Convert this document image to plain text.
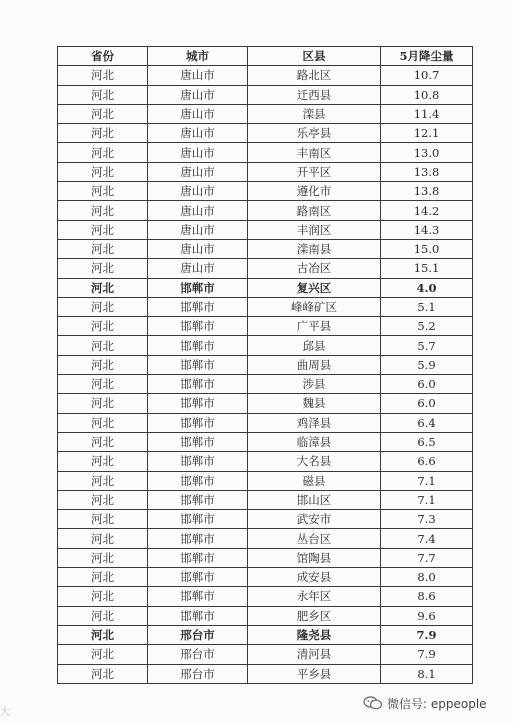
省份	城市	区县	5月降尘量
河北	唐山市	路北区	10.7
河北	唐山市	迁西县	10.8
河北	唐山市	滦县	11.4
河北	唐山市	乐亭县	12.1
河北	唐山市	丰南区	13.0
河北	唐山市	开平区	13.8
河北	唐山市	遵化市	13.8
河北	唐山市	路南区	14.2
河北	唐山市	丰润区	14.3
河北	唐山市	滦南县	15.0
河北	唐山市	古冶区	15.1
河北	邯郸市	复兴区	4.0
河北	邯郸市	峰峰矿区	5.1
河北	邯郸市	广平县	5.2
河北	邯郸市	邱县	5.7
河北	邯郸市	曲周县	5.9
河北	邯郸市	涉县	6.0
河北	邯郸市	魏县	6.0
河北	邯郸市	鸡泽县	6.4
河北	邯郸市	临漳县	6.5
河北	邯郸市	大名县	6.6
河北	邯郸市	磁县	7.1
河北	邯郸市	邯山区	7.1
河北	邯郸市	武安市	7.3
河北	邯郸市	丛台区	7.4
河北	邯郸市	馆陶县	7.7
河北	邯郸市	成安县	8.0
河北	邯郸市	永年区	8.6
河北	邯郸市	肥乡区	9.6
河北	邢台市	隆尧县	7.9
河北	邢台市	清河县	7.9
河北	邢台市	平乡县	8.1
大
微信号: eppeople
